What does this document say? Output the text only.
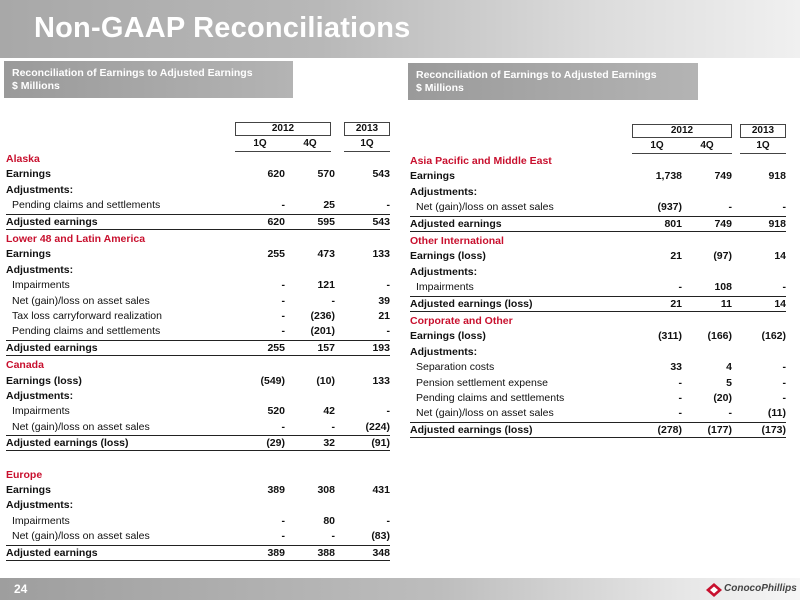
Non-GAAP Reconciliations
Reconciliation of Earnings to Adjusted Earnings
$ Millions
Reconciliation of Earnings to Adjusted Earnings
$ Millions
2012	2013
1Q	4Q	1Q
Alaska
Earnings	620	570	543
Adjustments:
Pending claims and settlements	-	25	-
Adjusted earnings	620	595	543
Lower 48 and Latin America
Earnings	255	473	133
Adjustments:
Impairments	-	121	-
Net (gain)/loss on asset sales	-	-	39
Tax loss carryforward realization	-	(236)	21
Pending claims and settlements	-	(201)	-
Adjusted earnings	255	157	193
Canada
Earnings (loss)	(549)	(10)	133
Adjustments:
Impairments	520	42	-
Net (gain)/loss on asset sales	-	-	(224)
Adjusted earnings (loss)	(29)	32	(91)
Europe
Earnings	389	308	431
Adjustments:
Impairments	-	80	-
Net (gain)/loss on asset sales	-	-	(83)
Adjusted earnings	389	388	348
2012	2013
1Q	4Q	1Q
Asia Pacific and Middle East
Earnings	1,738	749	918
Adjustments:
Net (gain)/loss on asset sales	(937)	-	-
Adjusted earnings	801	749	918
Other International
Earnings (loss)	21	(97)	14
Adjustments:
Impairments	-	108	-
Adjusted earnings (loss)	21	11	14
Corporate and Other
Earnings (loss)	(311)	(166)	(162)
Adjustments:
Separation costs	33	4	-
Pension settlement expense	-	5	-
Pending claims and settlements	-	(20)	-
Net (gain)/loss on asset sales	-	-	(11)
Adjusted earnings (loss)	(278)	(177)	(173)
24	ConocoPhillips
